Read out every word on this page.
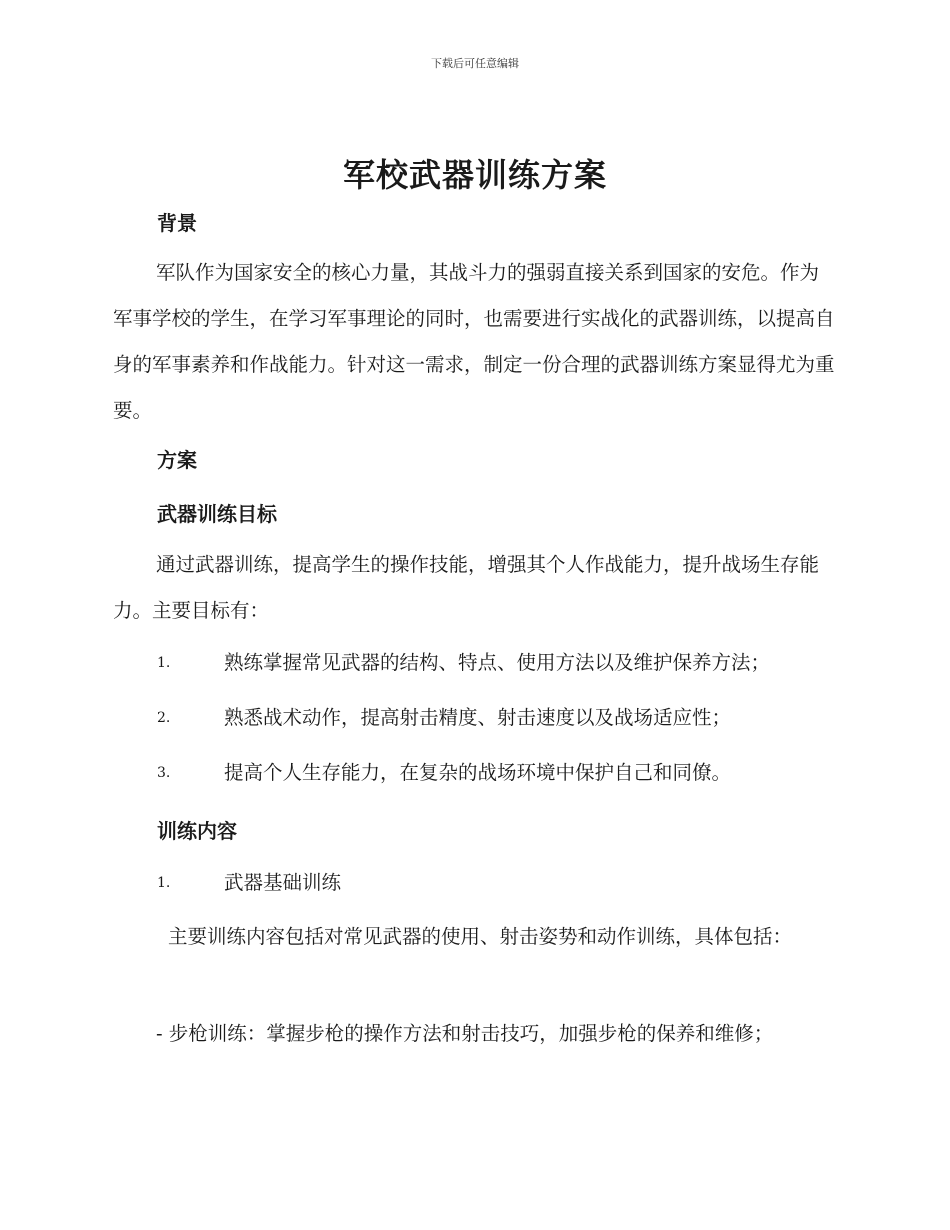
下载后可任意编辑
军校武器训练方案
背景

军队作为国家安全的核心力量，其战斗力的强弱直接关系到国家的安危。作为军事学校的学生，在学习军事理论的同时，也需要进行实战化的武器训练，以提高自身的军事素养和作战能力。针对这一需求，制定一份合理的武器训练方案显得尤为重要。

方案
武器训练目标

通过武器训练，提高学生的操作技能，增强其个人作战能力，提升战场生存能力。主要目标有：

1.	熟练掌握常见武器的结构、特点、使用方法以及维护保养方法；
2.	熟悉战术动作，提高射击精度、射击速度以及战场适应性；
3.	提高个人生存能力，在复杂的战场环境中保护自己和同僚。
训练内容
1.	武器基础训练

主要训练内容包括对常见武器的使用、射击姿势和动作训练，具体包括：

- 步枪训练：掌握步枪的操作方法和射击技巧，加强步枪的保养和维修；
